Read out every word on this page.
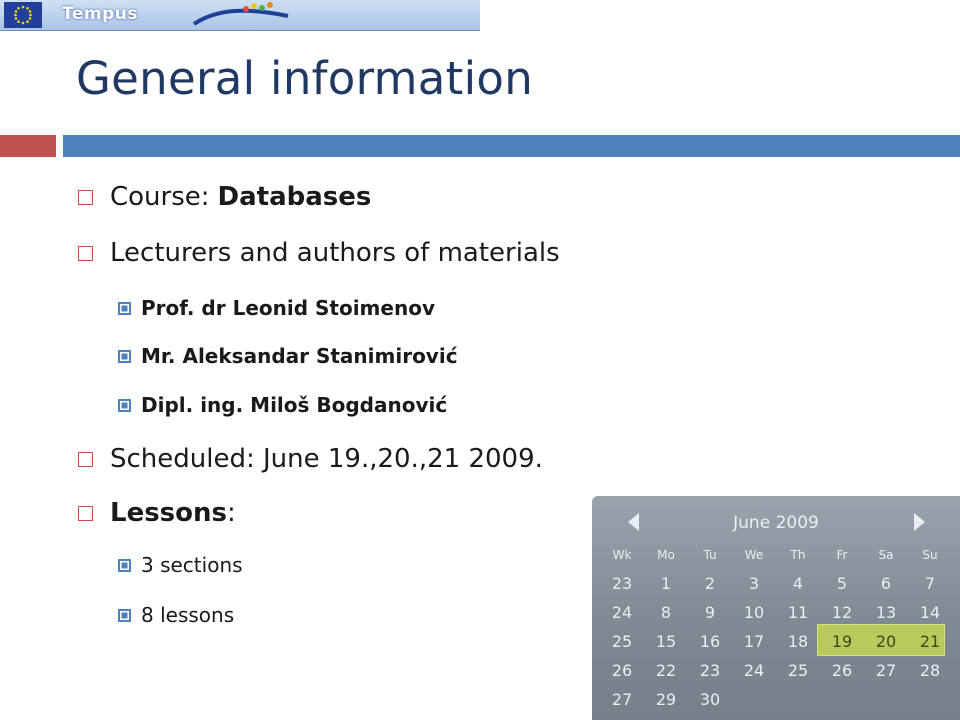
Tempus
General information
Course: Databases
Lecturers and authors of materials
Prof. dr Leonid Stoimenov
Mr. Aleksandar Stanimirović
Dipl. ing. Miloš Bogdanović
Scheduled: June 19.,20.,21 2009.
Lessons :
3 sections
8 lessons
June 2009
Wk	Mo	Tu	We	Th	Fr	Sa	Su
23	1	2	3	4	5	6	7
24	8	9	10	11	12	13	14
25	15	16	17	18	19	20	21
26	22	23	24	25	26	27	28
27	29	30
